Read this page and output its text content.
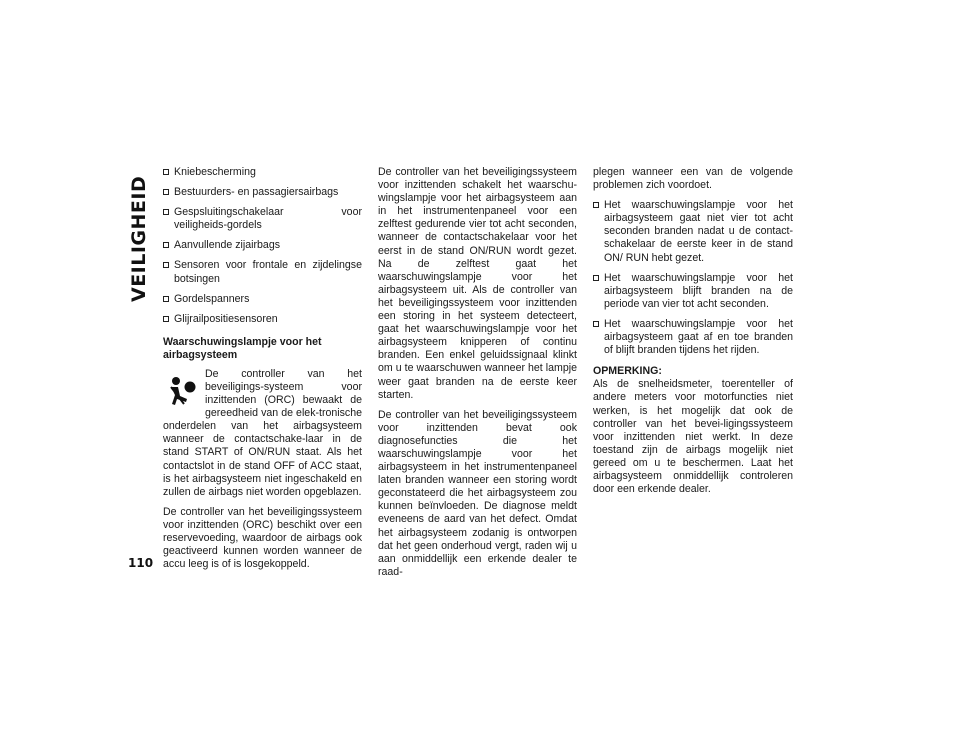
VEILIGHEID
110
Kniebescherming
Bestuurders- en passagiersairbags
Gespsluitingschakelaar voor veiligheids-gordels
Aanvullende zijairbags
Sensoren voor frontale en zijdelingse botsingen
Gordelspanners
Glijrailpositiesensoren
Waarschuwingslampje voor het airbagsysteem

De controller van het beveiligings-systeem voor inzittenden (ORC) bewaakt de gereedheid van de elek-tronische onderdelen van het airbagsysteem wanneer de contactschake-laar in de stand START of ON/RUN staat. Als het contactslot in de stand OFF of ACC staat, is het airbagsysteem niet ingeschakeld en zullen de airbags niet worden opgeblazen.

De controller van het beveiligingssysteem voor inzittenden (ORC) beschikt over een reservevoeding, waardoor de airbags ook geactiveerd kunnen worden wanneer de accu leeg is of is losgekoppeld.

De controller van het beveiligingssysteem voor inzittenden schakelt het waarschu-wingslampje voor het airbagsysteem aan in het instrumentenpaneel voor een zelftest gedurende vier tot acht seconden, wanneer de contactschakelaar voor het eerst in de stand ON/RUN wordt gezet. Na de zelftest gaat het waarschuwingslampje voor het airbagsysteem uit. Als de controller van het beveiligingssysteem voor inzittenden een storing in het systeem detecteert, gaat het waarschuwingslampje voor het airbagsysteem knipperen of continu branden. Een enkel geluidssignaal klinkt om u te waarschuwen wanneer het lampje weer gaat branden na de eerste keer starten.

De controller van het beveiligingssysteem voor inzittenden bevat ook diagnosefuncties die het waarschuwingslampje voor het airbagsysteem in het instrumentenpaneel laten branden wanneer een storing wordt geconstateerd die het airbagsysteem zou kunnen beïnvloeden. De diagnose meldt eveneens de aard van het defect. Omdat het airbagsysteem zodanig is ontworpen dat het geen onderhoud vergt, raden wij u aan onmiddellijk een erkende dealer te raad-

plegen wanneer een van de volgende problemen zich voordoet.

Het waarschuwingslampje voor het airbagsysteem gaat niet vier tot acht seconden branden nadat u de contact-schakelaar de eerste keer in de stand ON/ RUN hebt gezet.
Het waarschuwingslampje voor het airbagsysteem blijft branden na de periode van vier tot acht seconden.
Het waarschuwingslampje voor het airbagsysteem gaat af en toe branden of blijft branden tijdens het rijden.
OPMERKING:

Als de snelheidsmeter, toerenteller of andere meters voor motorfuncties niet werken, is het mogelijk dat ook de controller van het bevei-ligingssysteem voor inzittenden niet werkt. In deze toestand zijn de airbags mogelijk niet gereed om u te beschermen. Laat het airbagsysteem onmiddellijk controleren door een erkende dealer.
